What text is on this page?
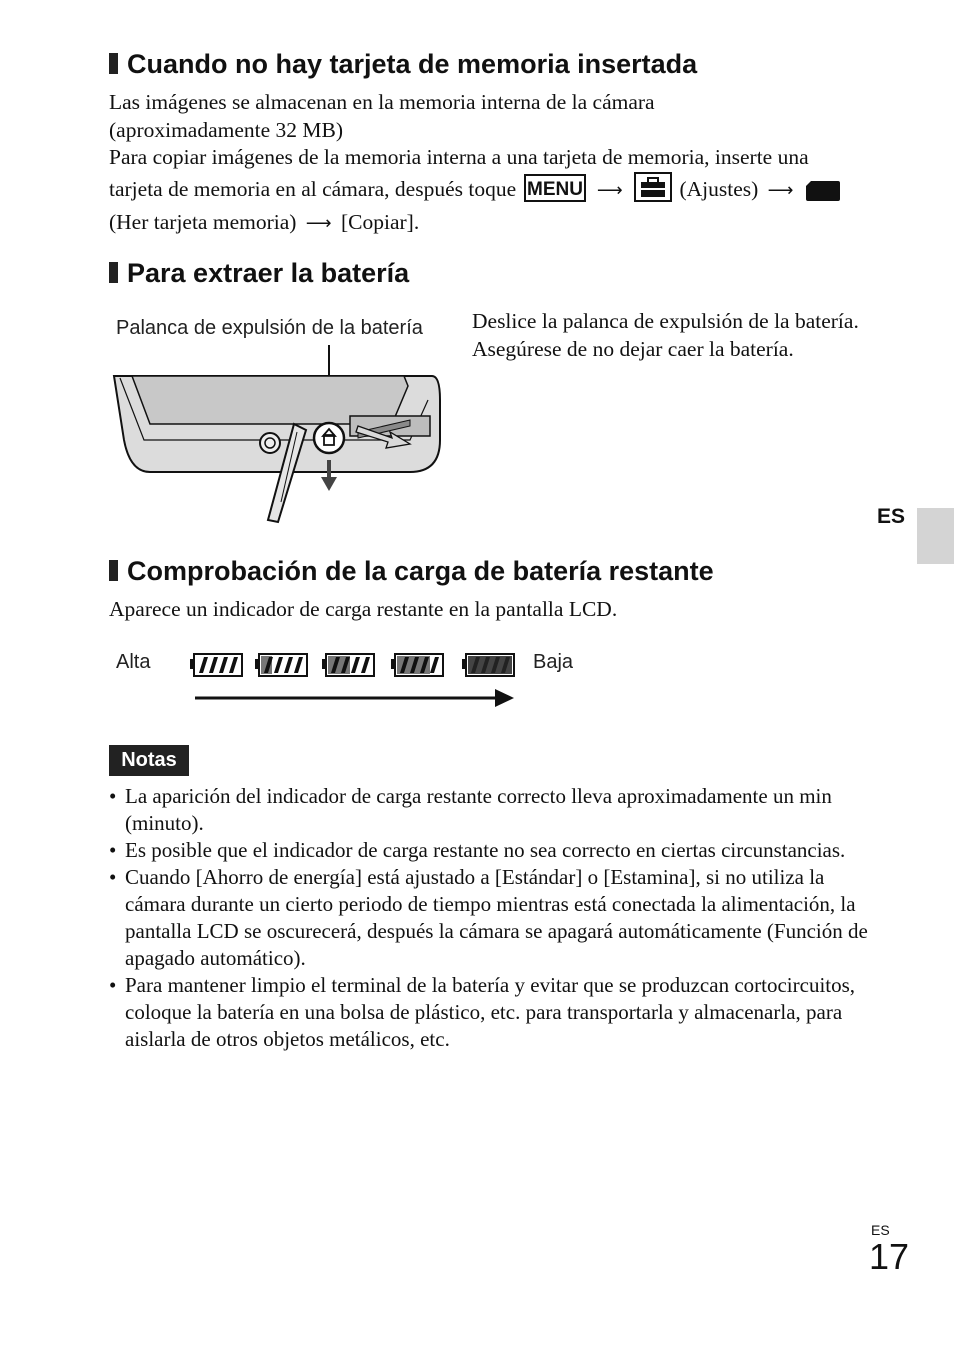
Cuando no hay tarjeta de memoria insertada
Las imágenes se almacenan en la memoria interna de la cámara (aproximadamente 32 MB)
Para copiar imágenes de la memoria interna a una tarjeta de memoria, inserte una tarjeta de memoria en al cámara, después toque MENU ⟶	(Ajustes) ⟶  (Her tarjeta memoria) ⟶ [Copiar].
Para extraer la batería
Palanca de expulsión de la batería Deslice la palanca de expulsión de la batería. Asegúrese de no dejar caer la batería.
ES
Comprobación de la carga de batería restante
Aparece un indicador de carga restante en la pantalla LCD.
Alta	Baja
Notas
• La aparición del indicador de carga restante correcto lleva aproximadamente un min (minuto).
• Es posible que el indicador de carga restante no sea correcto en ciertas circunstancias.
• Cuando [Ahorro de energía] está ajustado a [Estándar] o [Estamina], si no utiliza la cámara durante un cierto periodo de tiempo mientras está conectada la alimentación, la pantalla LCD se oscurecerá, después la cámara se apagará automáticamente (Función de apagado automático).
• Para mantener limpio el terminal de la batería y evitar que se produzcan cortocircuitos, coloque la batería en una bolsa de plástico, etc. para transportarla y almacenarla, para aislarla de otros objetos metálicos, etc.
ES
17
